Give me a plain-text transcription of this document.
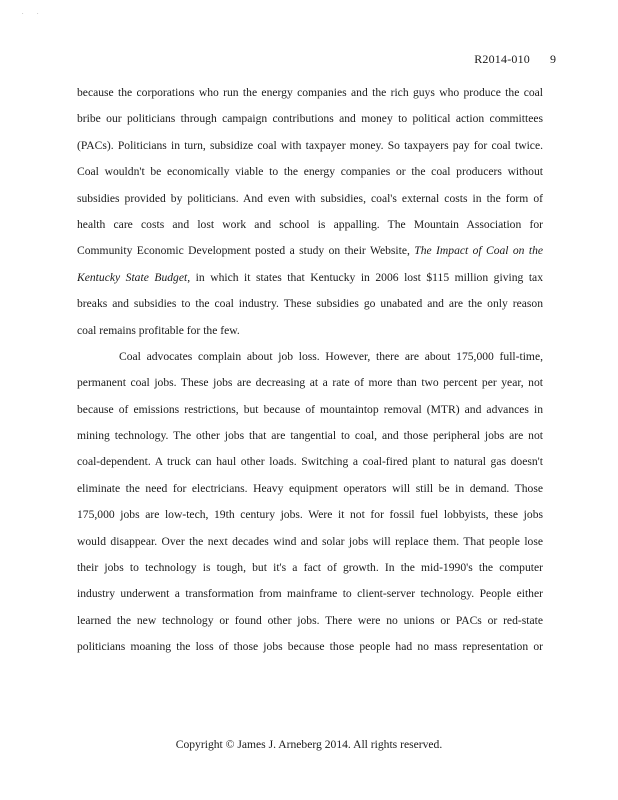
. .
R2014-010 9
because the corporations who run the energy companies and the rich guys who produce the coal
bribe our politicians through campaign contributions and money to political action committees
(PACs). Politicians in turn, subsidize coal with taxpayer money. So taxpayers pay for coal twice.
Coal wouldn't be economically viable to the energy companies or the coal producers without
subsidies provided by politicians. And even with subsidies, coal's external costs in the form of
health care costs and lost work and school is appalling. The Mountain Association for
Community Economic Development posted a study on their Website, The Impact of Coal on the
Kentucky State Budget, in which it states that Kentucky in 2006 lost $115 million giving tax
breaks and subsidies to the coal industry. These subsidies go unabated and are the only reason
coal remains profitable for the few.
Coal advocates complain about job loss. However, there are about 175,000 full-time,
permanent coal jobs. These jobs are decreasing at a rate of more than two percent per year, not
because of emissions restrictions, but because of mountaintop removal (MTR) and advances in
mining technology. The other jobs that are tangential to coal, and those peripheral jobs are not
coal-dependent. A truck can haul other loads. Switching a coal-fired plant to natural gas doesn't
eliminate the need for electricians. Heavy equipment operators will still be in demand. Those
175,000 jobs are low-tech, 19th century jobs. Were it not for fossil fuel lobbyists, these jobs
would disappear. Over the next decades wind and solar jobs will replace them. That people lose
their jobs to technology is tough, but it's a fact of growth. In the mid-1990's the computer
industry underwent a transformation from mainframe to client-server technology. People either
learned the new technology or found other jobs. There were no unions or PACs or red-state
politicians moaning the loss of those jobs because those people had no mass representation or
Copyright © James J. Arneberg 2014. All rights reserved.
